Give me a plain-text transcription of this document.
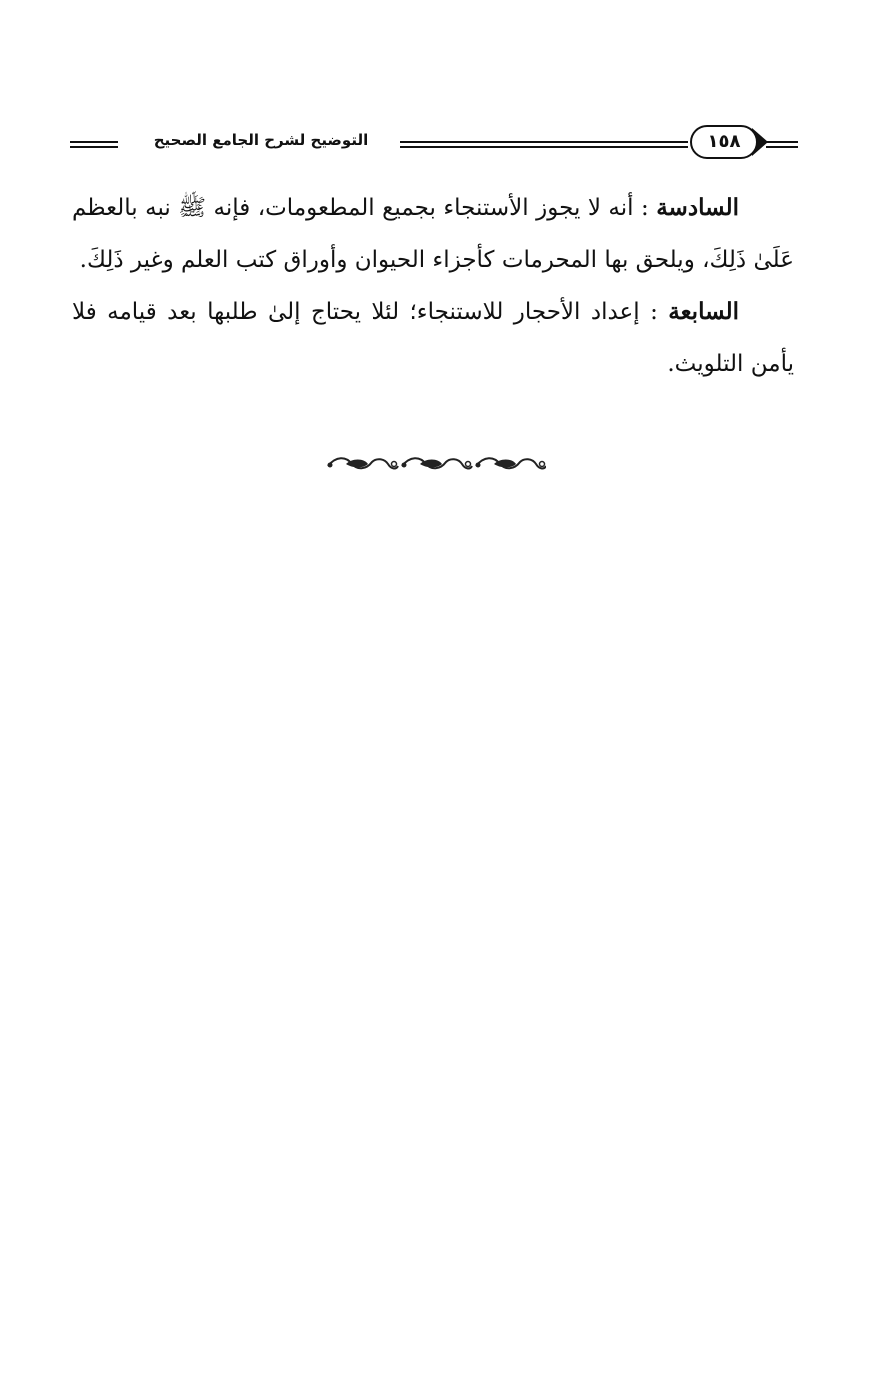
التوضيح لشرح الجامع الصحيح	١٥٨

السادسة : أنه لا يجوز الأستنجاء بجميع المطعومات، فإنه ﷺ نبه بالعظم عَلَىٰ ذَلِكَ، ويلحق بها المحرمات كأجزاء الحيوان وأوراق كتب العلم وغير ذَلِكَ.

السابعة : إعداد الأحجار للاستنجاء؛ لئلا يحتاج إلىٰ طلبها بعد قيامه فلا يأمن التلويث.
